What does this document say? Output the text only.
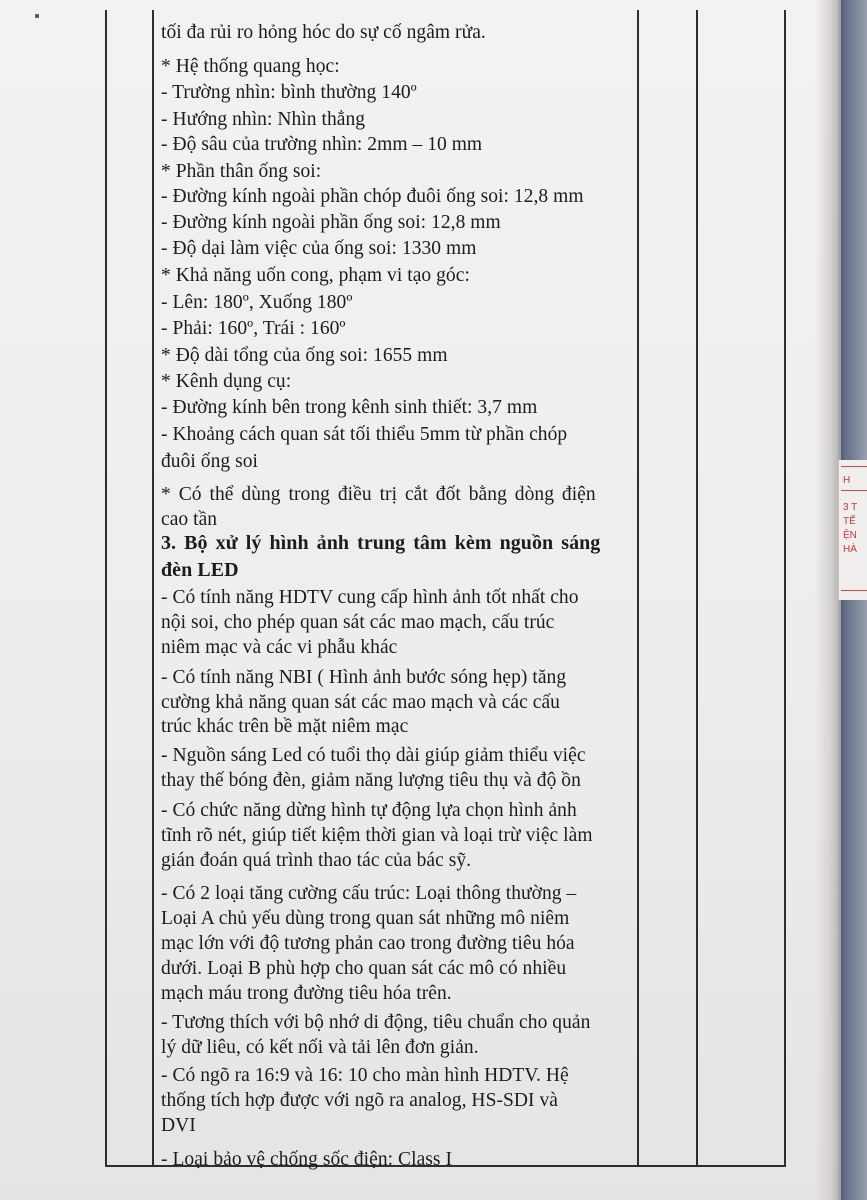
tối đa rủi ro hỏng hóc do sự cố ngâm rửa.
* Hệ thống quang học:
- Trường nhìn: bình thường 140º
- Hướng nhìn: Nhìn thẳng
- Độ sâu của trường nhìn: 2mm – 10 mm
* Phần thân ống soi:
- Đường kính ngoài phần chóp đuôi ống soi: 12,8 mm
- Đường kính ngoài phần ống soi: 12,8 mm
- Độ dại làm việc của ống soi: 1330 mm
* Khả năng uốn cong, phạm vi tạo góc:
- Lên: 180º, Xuống 180º
- Phải: 160º, Trái : 160º
* Độ dài tổng của ống soi: 1655 mm
* Kênh dụng cụ:
- Đường kính bên trong kênh sinh thiết: 3,7 mm
- Khoảng cách quan sát tối thiểu 5mm từ phần chóp
đuôi ống soi
* Có thể dùng trong điều trị cắt đốt bằng dòng điện
cao tần
3. Bộ xử lý hình ảnh trung tâm kèm nguồn sáng
đèn LED
- Có tính năng HDTV cung cấp hình ảnh tốt nhất cho
nội soi, cho phép quan sát các mao mạch, cấu trúc
niêm mạc và các vi phẫu khác
- Có tính năng NBI ( Hình ảnh bước sóng hẹp) tăng
cường khả năng quan sát các mao mạch và các cấu
trúc khác trên bề mặt niêm mạc
- Nguồn sáng Led có tuổi thọ dài giúp giảm thiểu việc
thay thế bóng đèn, giảm năng lượng tiêu thụ và độ ồn
- Có chức năng dừng hình tự động lựa chọn hình ảnh
tĩnh rõ nét, giúp tiết kiệm thời gian và loại trừ việc làm
gián đoán quá trình thao tác của bác sỹ.
- Có 2 loại tăng cường cấu trúc: Loại thông thường –
Loại A chủ yếu dùng trong quan sát những mô niêm
mạc lớn với độ tương phản cao trong đường tiêu hóa
dưới. Loại B phù hợp cho quan sát các mô có nhiều
mạch máu trong đường tiêu hóa trên.
- Tương thích với bộ nhớ di động, tiêu chuẩn cho quản
lý dữ liêu, có kết nối và tải lên đơn giản.
- Có ngõ ra 16:9 và 16: 10 cho màn hình HDTV. Hệ
thống tích hợp được với ngõ ra analog, HS-SDI và
DVI
- Loại bảo vệ chống sốc điện: Class I
H
3 T
TẾ
ỆN
HÀ
